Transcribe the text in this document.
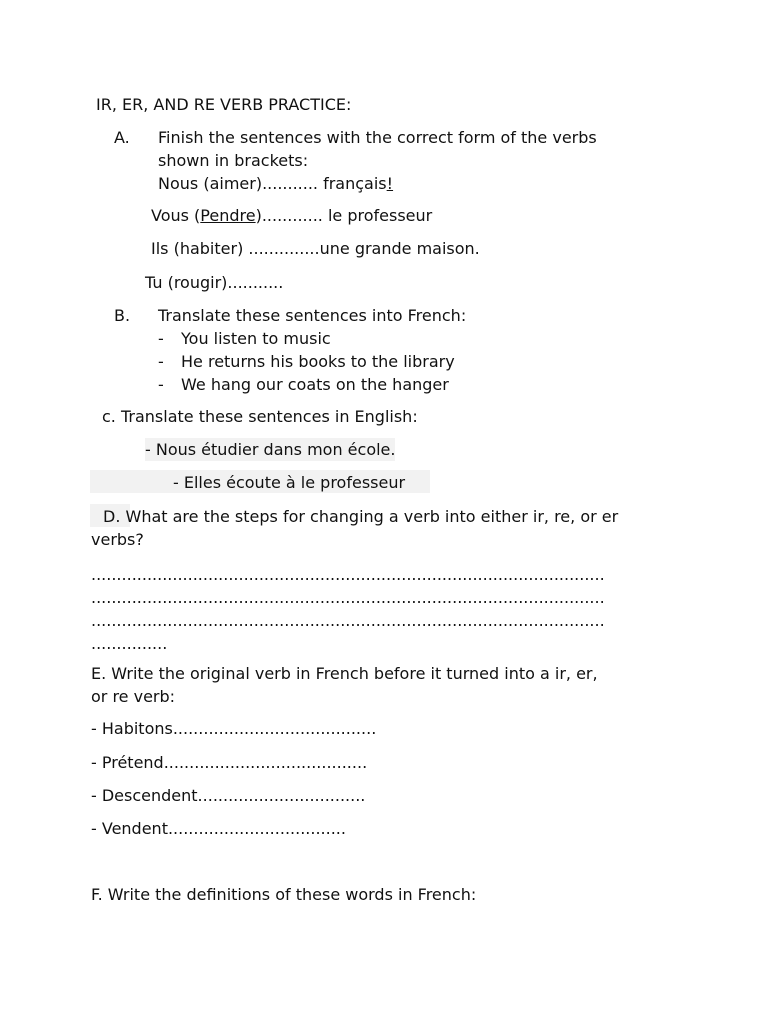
IR, ER, AND RE VERB PRACTICE:
A. Finish the sentences with the correct form of the verbs
shown in brackets:
Nous (aimer)........... français!
Vous (Pendre)............ le professeur
Ils (habiter) ..............une grande maison.
Tu (rougir)...........
B. Translate these sentences into French:
- You listen to music
- He returns his books to the library
- We hang our coats on the hanger
c. Translate these sentences in English:
- Nous étudier dans mon école.
- Elles écoute à le professeur
D. What are the steps for changing a verb into either ir, re, or er
verbs?
.....................................................................................................
.....................................................................................................
.....................................................................................................
...............
E. Write the original verb in French before it turned into a ir, er,
or re verb:
- Habitons........................................
- Prétend........................................
- Descendent.................................
- Vendent...................................
F. Write the definitions of these words in French:
